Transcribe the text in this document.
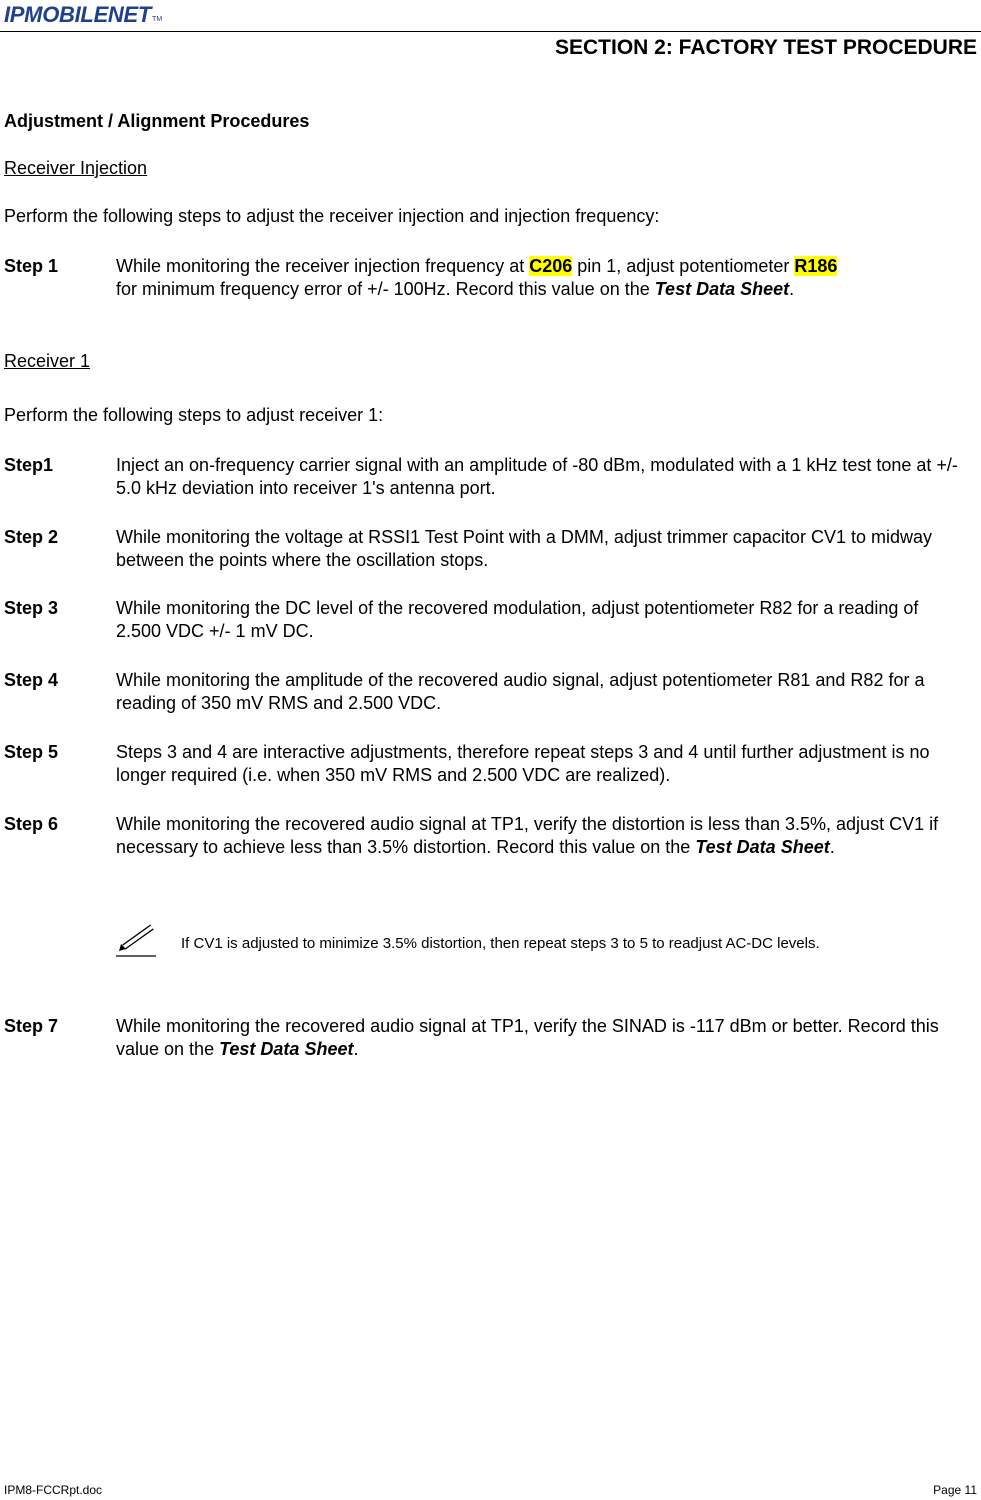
IPMOBILENET TM
SECTION 2: FACTORY TEST PROCEDURE
Adjustment / Alignment Procedures
Receiver Injection
Perform the following steps to adjust the receiver injection and injection frequency:
Step 1	While monitoring the receiver injection frequency at C206 pin 1, adjust potentiometer R186
for minimum frequency error of +/- 100Hz. Record this value on the Test Data Sheet.
Receiver 1
Perform the following steps to adjust receiver 1:
Step1	Inject an on-frequency carrier signal with an amplitude of -80 dBm, modulated with a 1 kHz test tone at +/- 5.0 kHz deviation into receiver 1's antenna port.
Step 2	While monitoring the voltage at RSSI1 Test Point with a DMM, adjust trimmer capacitor CV1 to midway between the points where the oscillation stops.
Step 3	While monitoring the DC level of the recovered modulation, adjust potentiometer R82 for a reading of 2.500 VDC +/- 1 mV DC.
Step 4	While monitoring the amplitude of the recovered audio signal, adjust potentiometer R81 and R82 for a reading of 350 mV RMS and 2.500 VDC.
Step 5	Steps 3 and 4 are interactive adjustments, therefore repeat steps 3 and 4 until further adjustment is no longer required (i.e. when 350 mV RMS and 2.500 VDC are realized).
Step 6	While monitoring the recovered audio signal at TP1, verify the distortion is less than 3.5%, adjust CV1 if necessary to achieve less than 3.5% distortion. Record this value on the Test Data Sheet.
If CV1 is adjusted to minimize 3.5% distortion, then repeat steps 3 to 5 to readjust AC-DC levels.
Step 7	While monitoring the recovered audio signal at TP1, verify the SINAD is -117 dBm or better. Record this value on the Test Data Sheet.
IPM8-FCCRpt.doc	Page 11
